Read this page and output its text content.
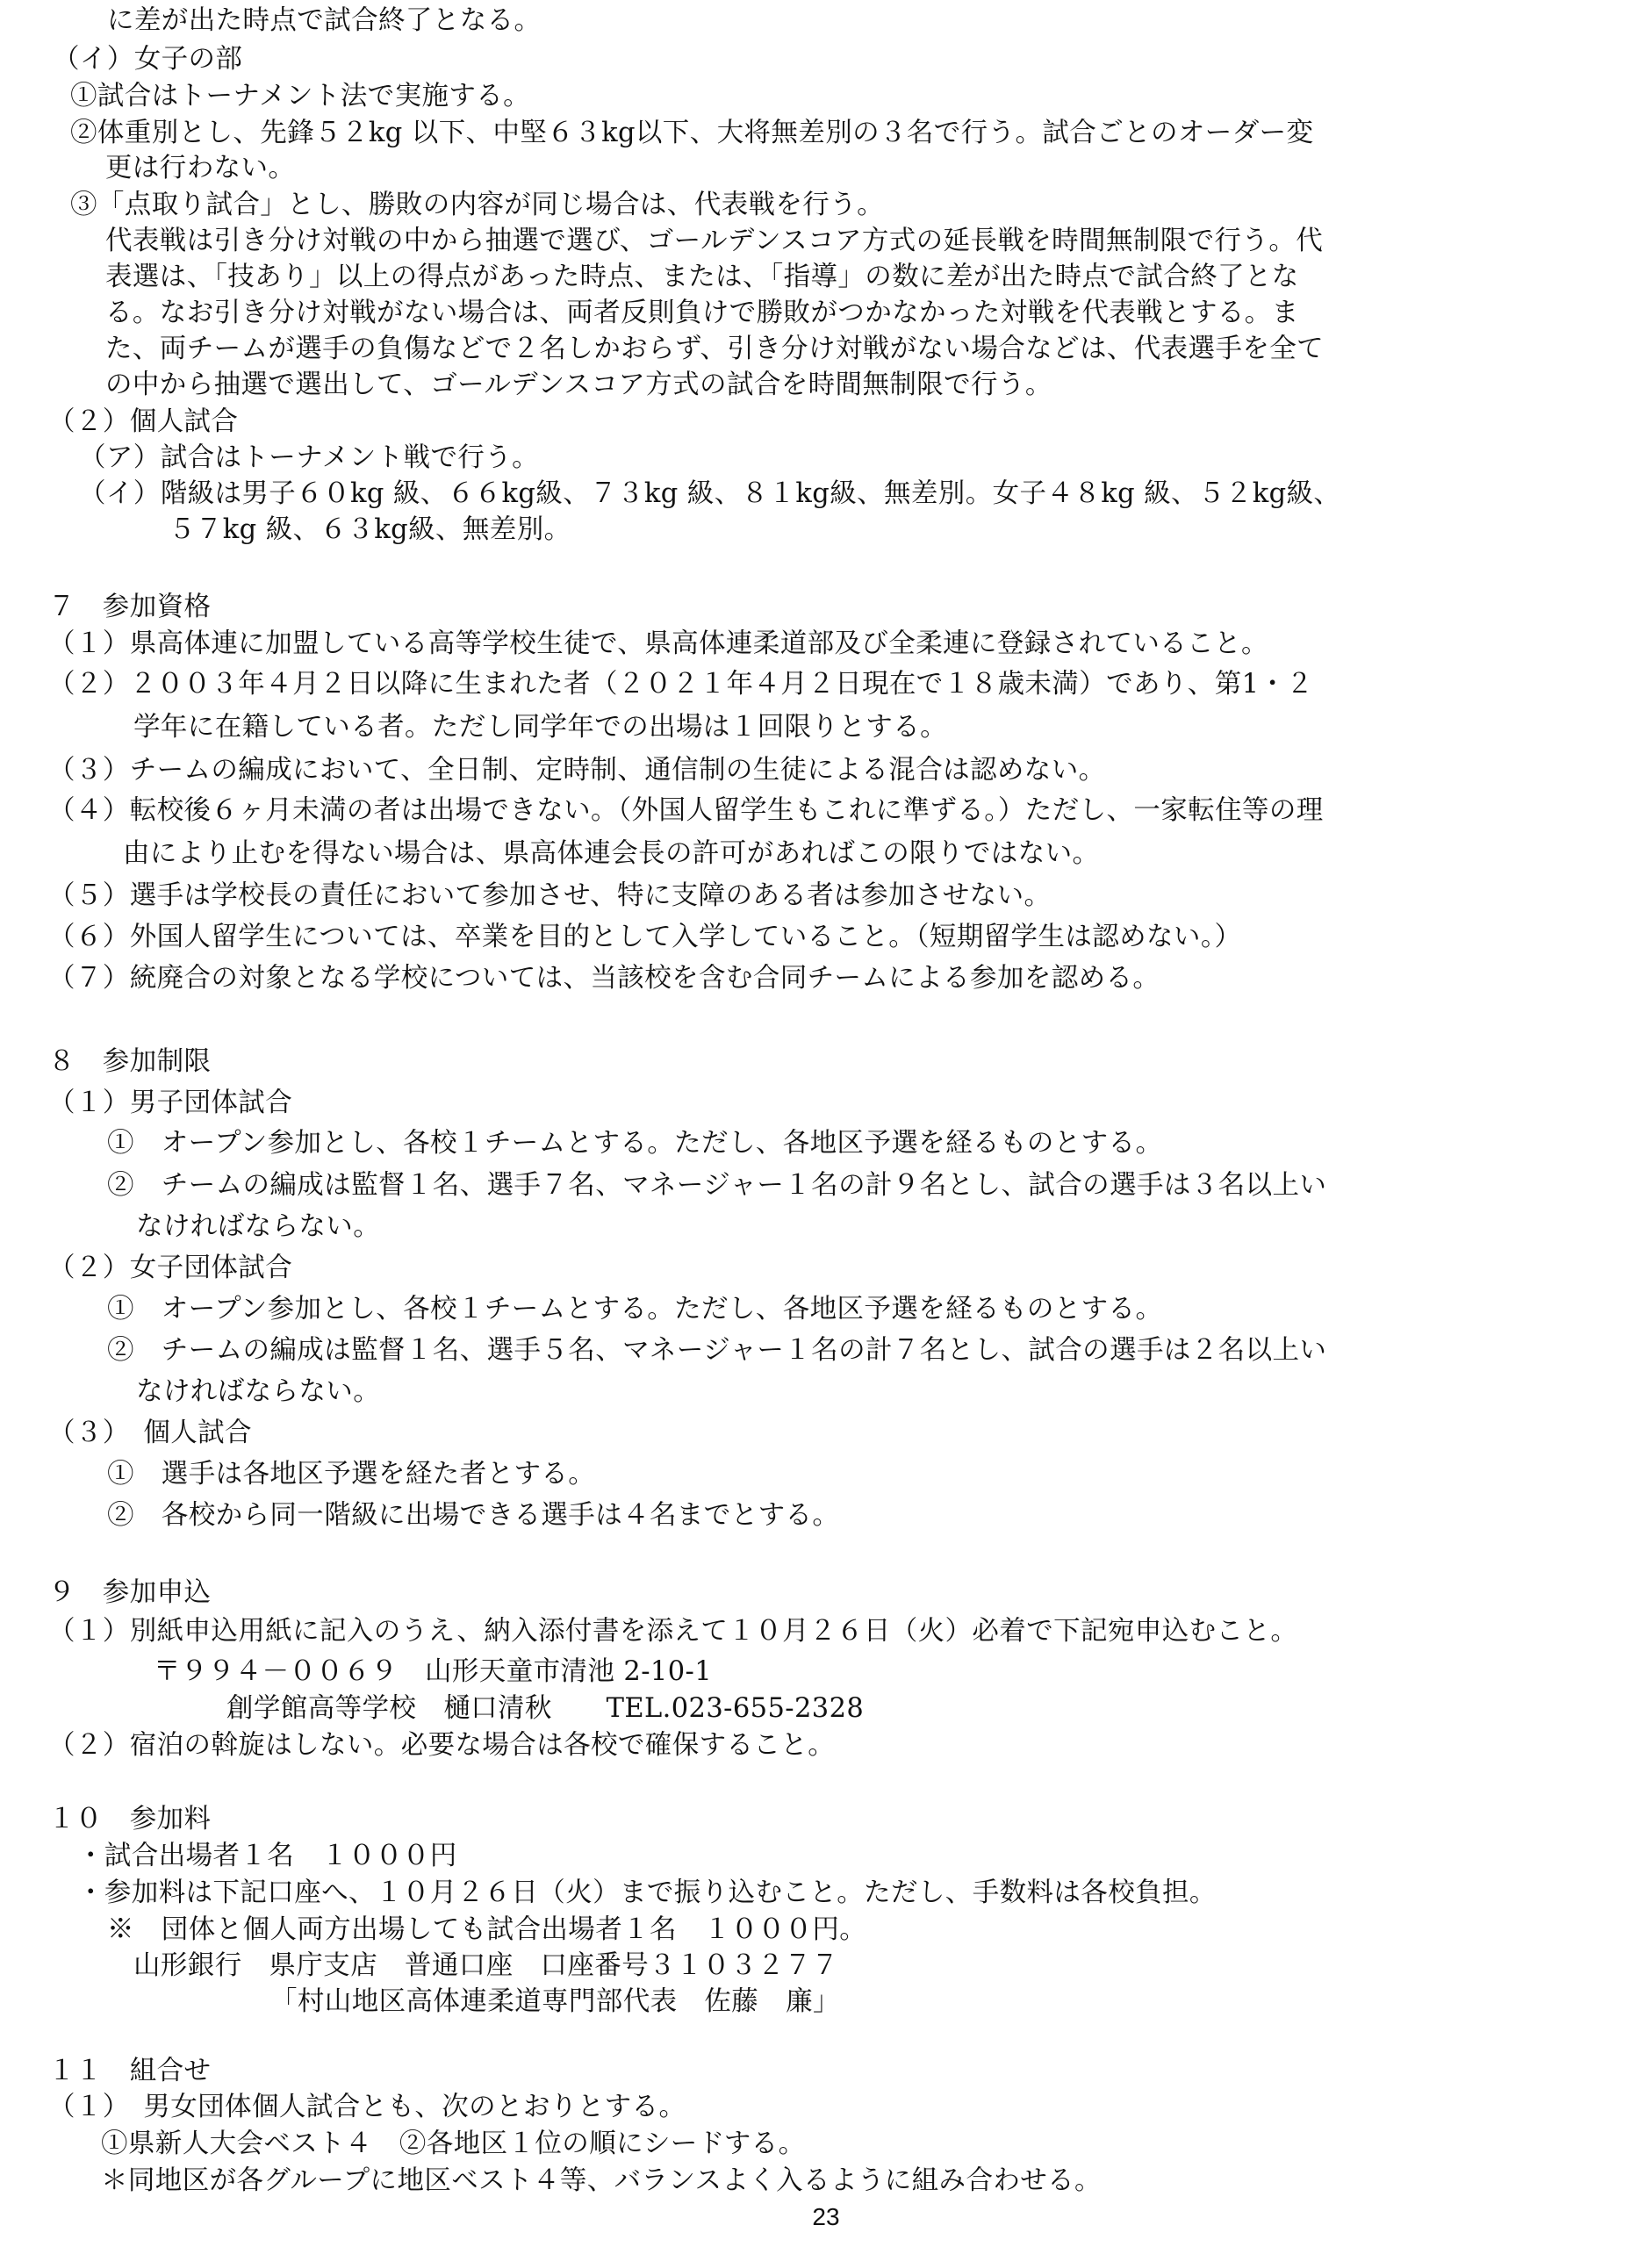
に差が出た時点で試合終了となる。
（イ）女子の部
①試合はトーナメント法で実施する。
②体重別とし、先鋒５２kg 以下、中堅６３kg以下、大将無差別の３名で行う。試合ごとのオーダー変
更は行わない。
③「点取り試合」とし、勝敗の内容が同じ場合は、代表戦を行う。
代表戦は引き分け対戦の中から抽選で選び、ゴールデンスコア方式の延長戦を時間無制限で行う。代
表選は、「技あり」以上の得点があった時点、または、「指導」の数に差が出た時点で試合終了とな
る。なお引き分け対戦がない場合は、両者反則負けで勝敗がつかなかった対戦を代表戦とする。ま
た、両チームが選手の負傷などで２名しかおらず、引き分け対戦がない場合などは、代表選手を全て
の中から抽選で選出して、ゴールデンスコア方式の試合を時間無制限で行う。
（２）個人試合
（ア）試合はトーナメント戦で行う。
（イ）階級は男子６０kg 級、６６kg級、７３kg 級、８１kg級、無差別。女子４８kg 級、５２kg級、
５７kg 級、６３kg級、無差別。
７　参加資格
（１）県高体連に加盟している高等学校生徒で、県高体連柔道部及び全柔連に登録されていること。
（２）２００３年４月２日以降に生まれた者（２０２１年４月２日現在で１８歳未満）であり、第1・２
学年に在籍している者。ただし同学年での出場は１回限りとする。
（３）チームの編成において、全日制、定時制、通信制の生徒による混合は認めない。
（４）転校後６ヶ月未満の者は出場できない。（外国人留学生もこれに準ずる。）ただし、一家転住等の理
由により止むを得ない場合は、県高体連会長の許可があればこの限りではない。
（５）選手は学校長の責任において参加させ、特に支障のある者は参加させない。
（６）外国人留学生については、卒業を目的として入学していること。（短期留学生は認めない。）
（７）統廃合の対象となる学校については、当該校を含む合同チームによる参加を認める。
８　参加制限
（１）男子団体試合
①　オープン参加とし、各校１チームとする。ただし、各地区予選を経るものとする。
②　チームの編成は監督１名、選手７名、マネージャー１名の計９名とし、試合の選手は３名以上い
なければならない。
（２）女子団体試合
①　オープン参加とし、各校１チームとする。ただし、各地区予選を経るものとする。
②　チームの編成は監督１名、選手５名、マネージャー１名の計７名とし、試合の選手は２名以上い
なければならない。
（３）　個人試合
①　選手は各地区予選を経た者とする。
②　各校から同一階級に出場できる選手は４名までとする。
９　参加申込
（１）別紙申込用紙に記入のうえ、納入添付書を添えて１０月２６日（火）必着で下記宛申込むこと。
〒９９４－００６９　山形天童市清池 2-10-1
創学館高等学校　樋口清秋　　TEL.023-655-2328
（２）宿泊の斡旋はしない。必要な場合は各校で確保すること。
１０　参加料
・試合出場者１名　１０００円
・参加料は下記口座へ、１０月２６日（火）まで振り込むこと。ただし、手数料は各校負担。
※　団体と個人両方出場しても試合出場者１名　１０００円。
山形銀行　県庁支店　普通口座　口座番号３１０３２７７
「村山地区高体連柔道専門部代表　佐藤　廉」
１１　組合せ
（１）　男女団体個人試合とも、次のとおりとする。
①県新人大会ベスト４　②各地区１位の順にシードする。
＊同地区が各グループに地区ベスト４等、バランスよく入るように組み合わせる。
23
